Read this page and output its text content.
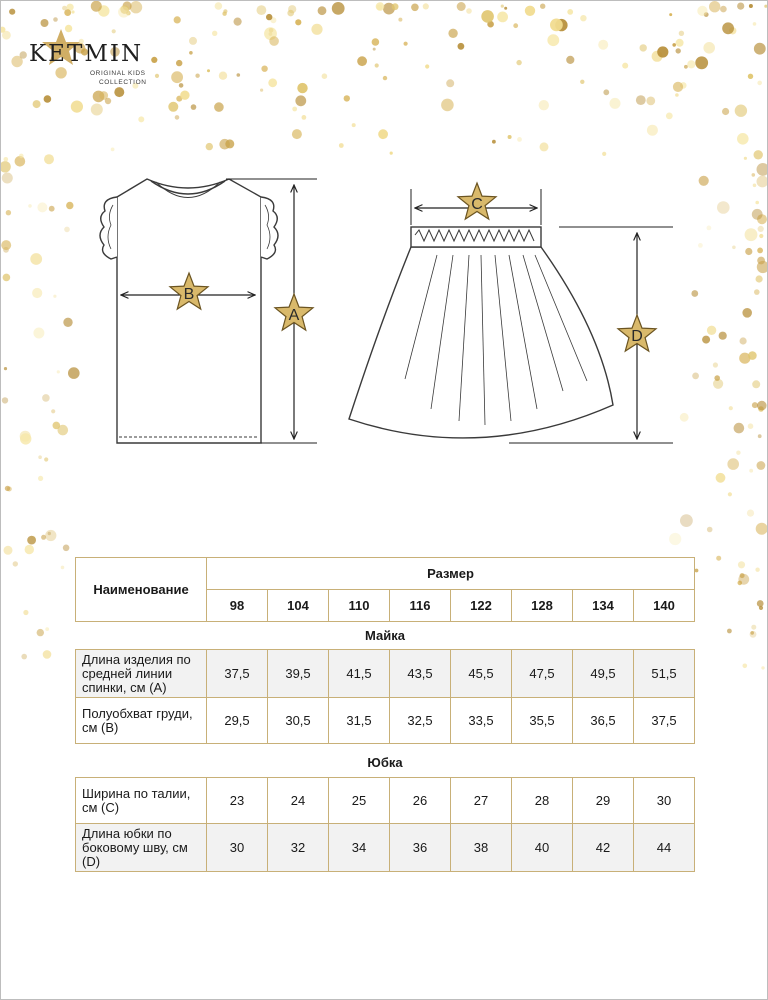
KETMIN
ORIGINAL KIDS
COLLECTION
A
B
C
D
Наименование	Размер							
	98	104	110	116	122	128	134	140
Майка
Длина изделия по средней линии спинки, см (A)	37,5	39,5	41,5	43,5	45,5	47,5	49,5	51,5
Полуобхват груди, см (B)	29,5	30,5	31,5	32,5	33,5	35,5	36,5	37,5
Юбка
Ширина по талии, см (C)	23	24	25	26	27	28	29	30
Длина юбки по боковому шву, см (D)	30	32	34	36	38	40	42	44
